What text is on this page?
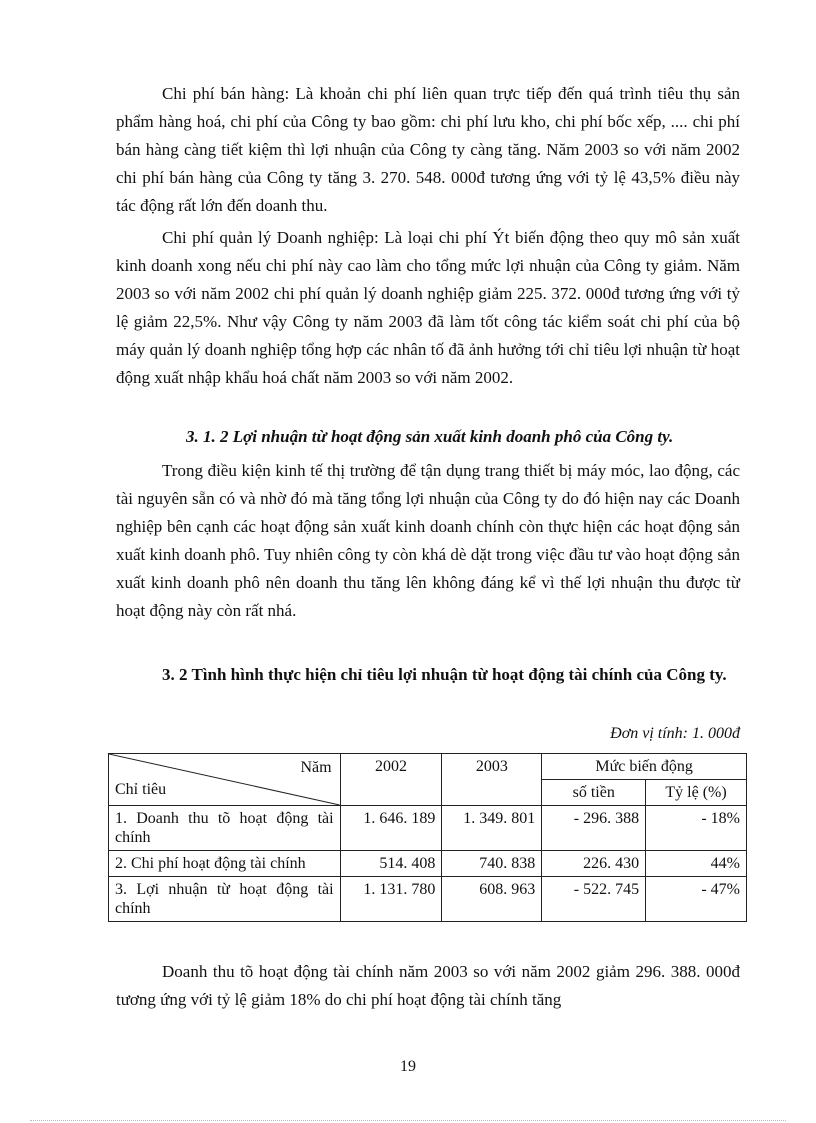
Chi phí bán hàng: Là khoản chi phí liên quan trực tiếp đến quá trình tiêu thụ sản phẩm hàng hoá, chi phí của Công ty bao gồm: chi phí lưu kho, chi phí bốc xếp, .... chi phí bán hàng càng tiết kiệm thì lợi nhuận của Công ty càng tăng. Năm 2003 so với năm 2002 chi phí bán hàng của Công ty tăng 3. 270. 548. 000đ tương ứng với tỷ lệ 43,5% điều này tác động rất lớn đến doanh thu.

Chi phí quản lý Doanh nghiệp: Là loại chi phí Ýt biến động theo quy mô sản xuất kinh doanh xong nếu chi phí này cao làm cho tổng mức lợi nhuận của Công ty giảm. Năm 2003 so với năm 2002 chi phí quản lý doanh nghiệp giảm 225. 372. 000đ tương ứng với tỷ lệ giảm 22,5%. Như vậy Công ty năm 2003 đã làm tốt công tác kiểm soát chi phí của bộ máy quản lý doanh nghiệp tổng hợp các nhân tố đã ảnh hưởng tới chỉ tiêu lợi nhuận từ hoạt động xuất nhập khẩu hoá chất năm 2003 so với năm 2002.

3. 1. 2 Lợi nhuận từ hoạt động sản xuất kinh doanh phô của Công ty.

Trong điều kiện kinh tế thị trường để tận dụng trang thiết bị máy móc, lao động, các tài nguyên sẵn có và nhờ đó mà tăng tổng lợi nhuận của Công ty do đó hiện nay các Doanh nghiệp bên cạnh các hoạt động sản xuất kinh doanh chính còn thực hiện các hoạt động sản xuất kinh doanh phô. Tuy nhiên công ty còn khá dè dặt trong việc đầu tư vào hoạt động sản xuất kinh doanh phô nên doanh thu tăng lên không đáng kể vì thế lợi nhuận thu được từ hoạt động này còn rất nhá.

3. 2 Tình hình thực hiện chỉ tiêu lợi nhuận từ hoạt động tài chính của Công ty.

Đơn vị tính: 1. 000đ

Năm
Chỉ tiêu	2002	2003	Mức biến động	
			số tiền	Tỷ lệ (%)
1. Doanh thu tõ hoạt động tài chính	1. 646. 189	1. 349. 801	- 296. 388	- 18%
2. Chi phí hoạt động tài chính	514. 408	740. 838	226. 430	44%
3. Lợi nhuận từ hoạt động tài chính	1. 131. 780	608. 963	- 522. 745	- 47%

Doanh thu tõ hoạt động tài chính năm 2003 so với năm 2002 giảm 296. 388. 000đ tương ứng với tỷ lệ giảm 18% do chi phí hoạt động tài chính tăng

19
